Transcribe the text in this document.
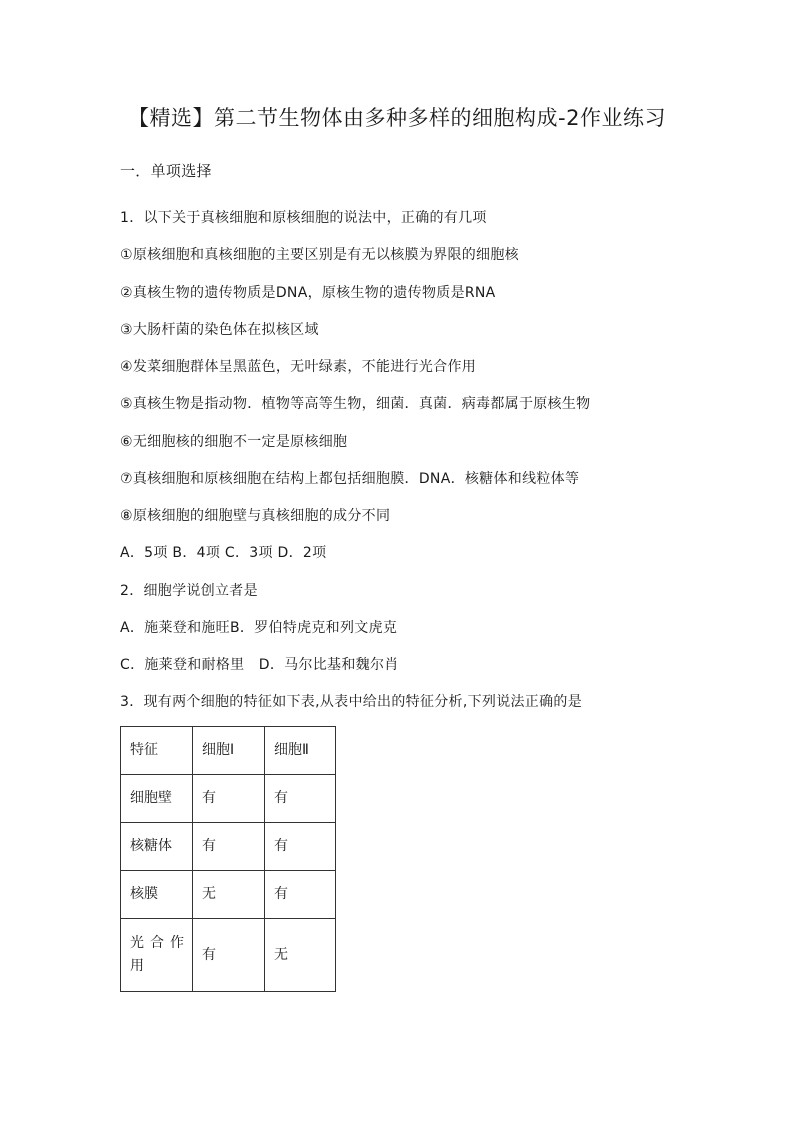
【精选】第二节生物体由多种多样的细胞构成-2作业练习
一．单项选择
1．以下关于真核细胞和原核细胞的说法中，正确的有几项
①原核细胞和真核细胞的主要区别是有无以核膜为界限的细胞核
②真核生物的遗传物质是DNA，原核生物的遗传物质是RNA
③大肠杆菌的染色体在拟核区域
④发菜细胞群体呈黑蓝色，无叶绿素，不能进行光合作用
⑤真核生物是指动物．植物等高等生物，细菌．真菌．病毒都属于原核生物
⑥无细胞核的细胞不一定是原核细胞
⑦真核细胞和原核细胞在结构上都包括细胞膜．DNA．核糖体和线粒体等
⑧原核细胞的细胞壁与真核细胞的成分不同
A．5项 B．4项 C．3项 D．2项
2．细胞学说创立者是
A．施莱登和施旺B．罗伯特虎克和列文虎克
C．施莱登和耐格里　D．马尔比基和魏尔肖
3．现有两个细胞的特征如下表,从表中给出的特征分析,下列说法正确的是
特征	细胞Ⅰ	细胞Ⅱ
细胞壁	有	有
核糖体	有	有
核膜	无	有
光合作用	有	无
